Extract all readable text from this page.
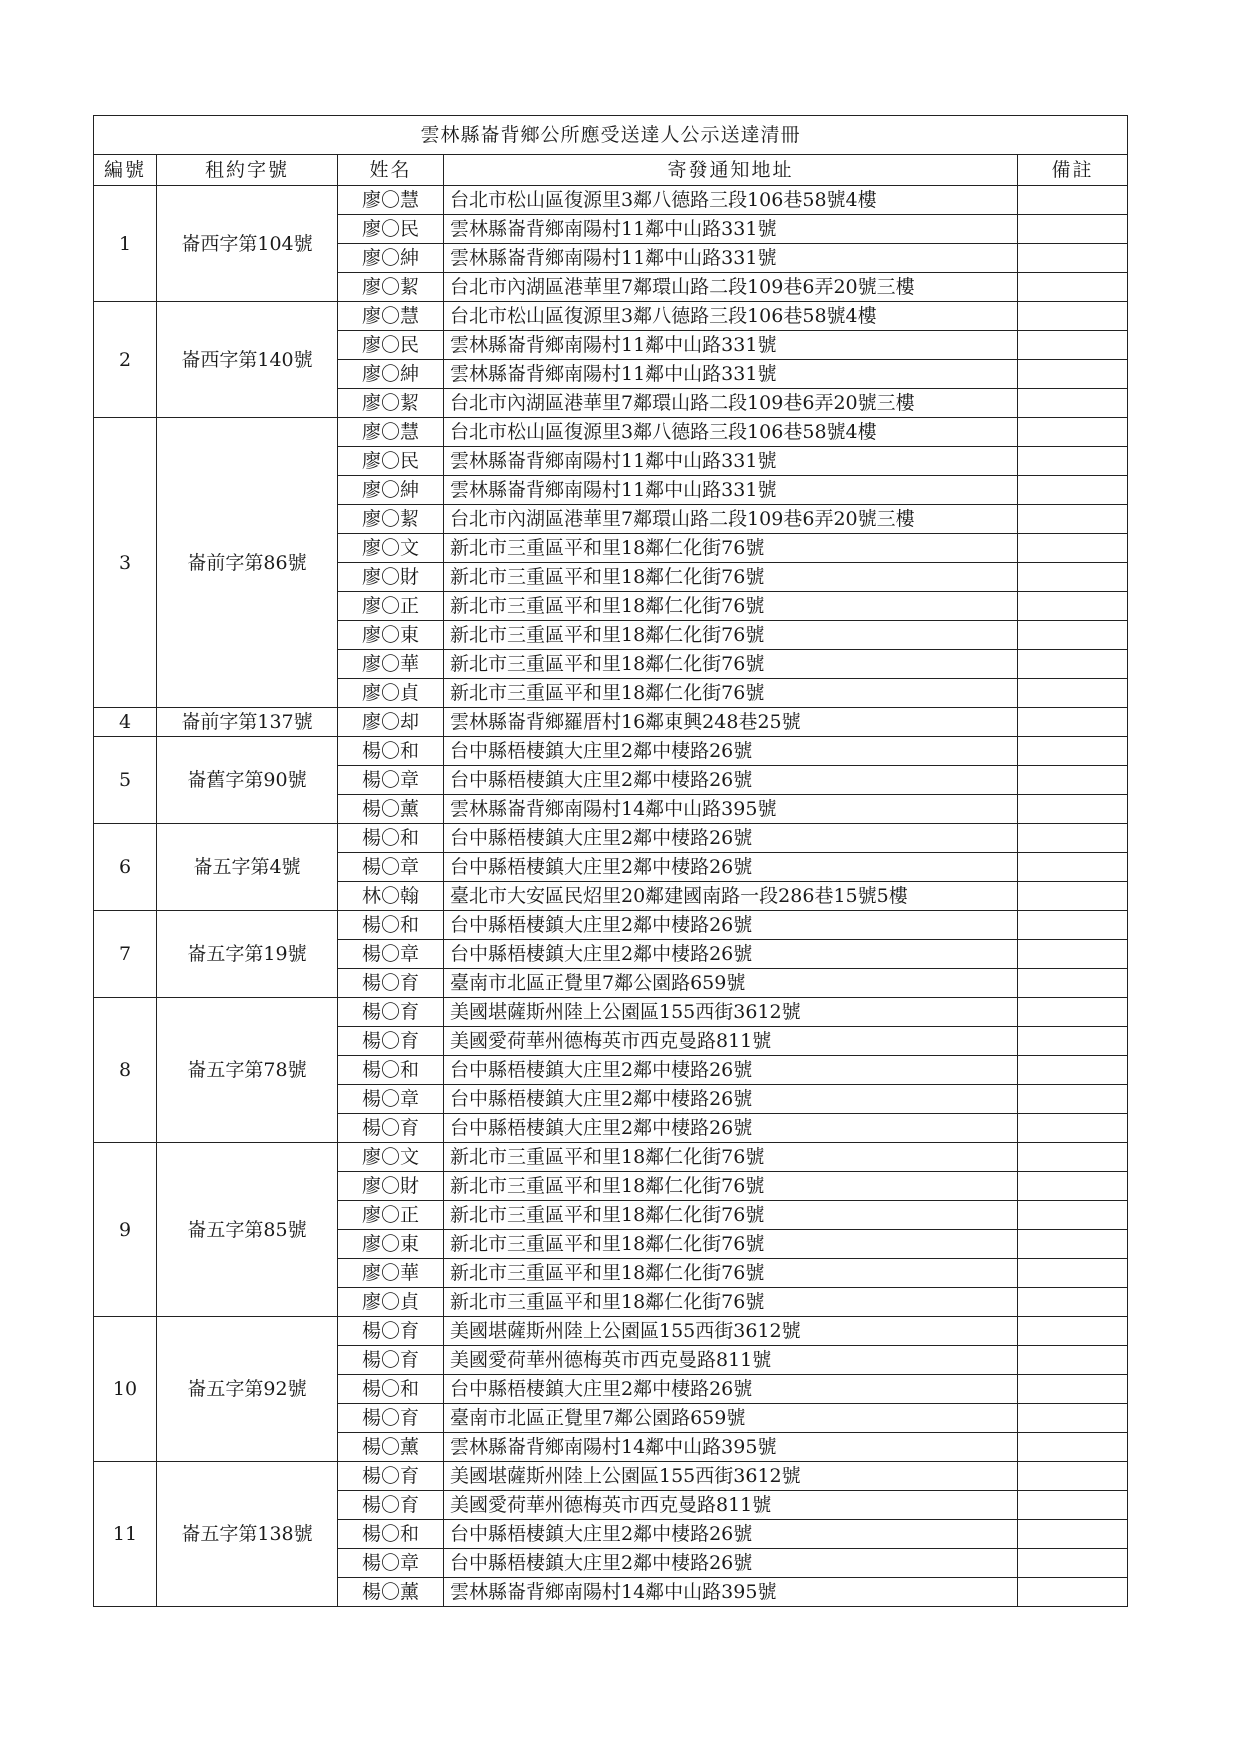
雲林縣崙背鄉公所應受送達人公示送達清冊				
編號	租約字號	姓名	寄發通知地址	備註
1	崙西字第104號	廖〇慧	台北市松山區復源里3鄰八德路三段106巷58號4樓	
		廖〇民	雲林縣崙背鄉南陽村11鄰中山路331號	
		廖〇紳	雲林縣崙背鄉南陽村11鄰中山路331號	
		廖〇絜	台北市內湖區港華里7鄰環山路二段109巷6弄20號三樓	
2	崙西字第140號	廖〇慧	台北市松山區復源里3鄰八德路三段106巷58號4樓	
		廖〇民	雲林縣崙背鄉南陽村11鄰中山路331號	
		廖〇紳	雲林縣崙背鄉南陽村11鄰中山路331號	
		廖〇絜	台北市內湖區港華里7鄰環山路二段109巷6弄20號三樓	
3	崙前字第86號	廖〇慧	台北市松山區復源里3鄰八德路三段106巷58號4樓	
		廖〇民	雲林縣崙背鄉南陽村11鄰中山路331號	
		廖〇紳	雲林縣崙背鄉南陽村11鄰中山路331號	
		廖〇絜	台北市內湖區港華里7鄰環山路二段109巷6弄20號三樓	
		廖〇文	新北市三重區平和里18鄰仁化街76號	
		廖〇財	新北市三重區平和里18鄰仁化街76號	
		廖〇正	新北市三重區平和里18鄰仁化街76號	
		廖〇東	新北市三重區平和里18鄰仁化街76號	
		廖〇華	新北市三重區平和里18鄰仁化街76號	
		廖〇貞	新北市三重區平和里18鄰仁化街76號	
4	崙前字第137號	廖〇却	雲林縣崙背鄉羅厝村16鄰東興248巷25號	
5	崙舊字第90號	楊〇和	台中縣梧棲鎮大庄里2鄰中棲路26號	
		楊〇章	台中縣梧棲鎮大庄里2鄰中棲路26號	
		楊〇薰	雲林縣崙背鄉南陽村14鄰中山路395號	
6	崙五字第4號	楊〇和	台中縣梧棲鎮大庄里2鄰中棲路26號	
		楊〇章	台中縣梧棲鎮大庄里2鄰中棲路26號	
		林〇翰	臺北市大安區民炤里20鄰建國南路一段286巷15號5樓	
7	崙五字第19號	楊〇和	台中縣梧棲鎮大庄里2鄰中棲路26號	
		楊〇章	台中縣梧棲鎮大庄里2鄰中棲路26號	
		楊〇育	臺南市北區正覺里7鄰公園路659號	
8	崙五字第78號	楊〇育	美國堪薩斯州陸上公園區155西街3612號	
		楊〇育	美國愛荷華州德梅英市西克曼路811號	
		楊〇和	台中縣梧棲鎮大庄里2鄰中棲路26號	
		楊〇章	台中縣梧棲鎮大庄里2鄰中棲路26號	
		楊〇育	台中縣梧棲鎮大庄里2鄰中棲路26號	
9	崙五字第85號	廖〇文	新北市三重區平和里18鄰仁化街76號	
		廖〇財	新北市三重區平和里18鄰仁化街76號	
		廖〇正	新北市三重區平和里18鄰仁化街76號	
		廖〇東	新北市三重區平和里18鄰仁化街76號	
		廖〇華	新北市三重區平和里18鄰仁化街76號	
		廖〇貞	新北市三重區平和里18鄰仁化街76號	
10	崙五字第92號	楊〇育	美國堪薩斯州陸上公園區155西街3612號	
		楊〇育	美國愛荷華州德梅英市西克曼路811號	
		楊〇和	台中縣梧棲鎮大庄里2鄰中棲路26號	
		楊〇育	臺南市北區正覺里7鄰公園路659號	
		楊〇薰	雲林縣崙背鄉南陽村14鄰中山路395號	
11	崙五字第138號	楊〇育	美國堪薩斯州陸上公園區155西街3612號	
		楊〇育	美國愛荷華州德梅英市西克曼路811號	
		楊〇和	台中縣梧棲鎮大庄里2鄰中棲路26號	
		楊〇章	台中縣梧棲鎮大庄里2鄰中棲路26號	
		楊〇薰	雲林縣崙背鄉南陽村14鄰中山路395號	
